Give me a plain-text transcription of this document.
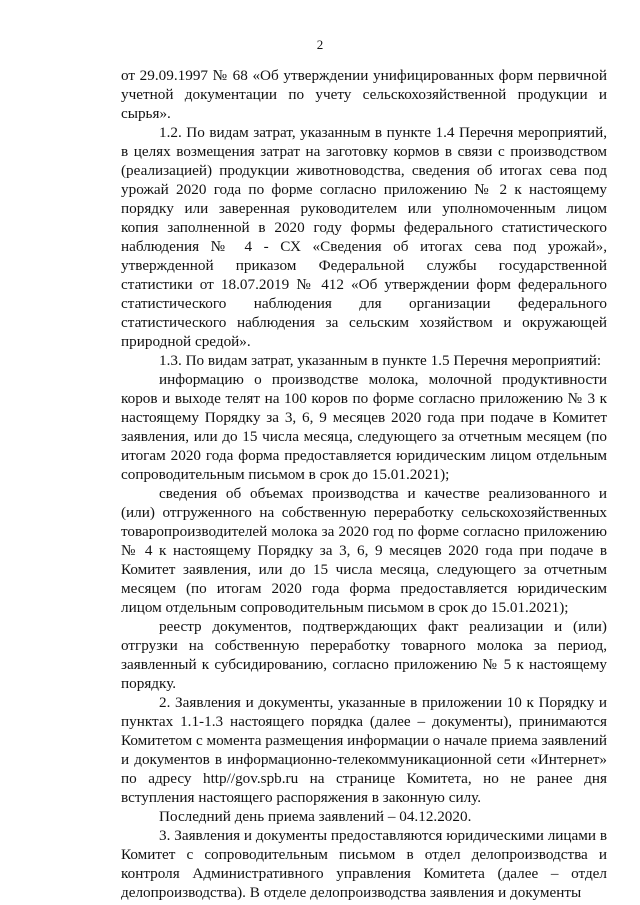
2

от 29.09.1997 № 68 «Об утверждении унифицированных форм первичной учетной документации по учету сельскохозяйственной продукции и сырья».

1.2. По видам затрат, указанным в пункте 1.4 Перечня мероприятий, в целях возмещения затрат на заготовку кормов в связи с производством (реализацией) продукции животноводства, сведения об итогах сева под урожай 2020 года по форме согласно приложению № 2 к настоящему порядку или заверенная руководителем или уполномоченным лицом копия заполненной в 2020 году формы федерального статистического наблюдения № 4 - СХ «Сведения об итогах сева под урожай», утвержденной приказом Федеральной службы государственной статистики от 18.07.2019 № 412 «Об утверждении форм федерального статистического наблюдения для организации федерального статистического наблюдения за сельским хозяйством и окружающей природной средой».

1.3. По видам затрат, указанным в пункте 1.5 Перечня мероприятий:

информацию о производстве молока, молочной продуктивности коров и выходе телят на 100 коров по форме согласно приложению № 3 к настоящему Порядку за 3, 6, 9 месяцев 2020 года при подаче в Комитет заявления, или до 15 числа месяца, следующего за отчетным месяцем (по итогам 2020 года форма предоставляется юридическим лицом отдельным сопроводительным письмом в срок до 15.01.2021);

сведения об объемах производства и качестве реализованного и (или) отгруженного на собственную переработку сельскохозяйственных товаропроизводителей молока за 2020 год по форме согласно приложению № 4 к настоящему Порядку за 3, 6, 9 месяцев 2020 года при подаче в Комитет заявления, или до 15 числа месяца, следующего за отчетным месяцем (по итогам 2020 года форма предоставляется юридическим лицом отдельным сопроводительным письмом в срок до 15.01.2021);

реестр документов, подтверждающих факт реализации и (или) отгрузки на собственную переработку товарного молока за период, заявленный к субсидированию, согласно приложению № 5 к настоящему порядку.

2. Заявления и документы, указанные в приложении 10 к Порядку и пунктах 1.1-1.3 настоящего порядка (далее – документы), принимаются Комитетом с момента размещения информации о начале приема заявлений и документов в информационно-телекоммуникационной сети «Интернет» по адресу http//gov.spb.ru на странице Комитета, но не ранее дня вступления настоящего распоряжения в законную силу.

Последний день приема заявлений – 04.12.2020.

3. Заявления и документы предоставляются юридическими лицами в Комитет с сопроводительным письмом в отдел делопроизводства и контроля Административного управления Комитета (далее – отдел делопроизводства). В отделе делопроизводства заявления и документы
